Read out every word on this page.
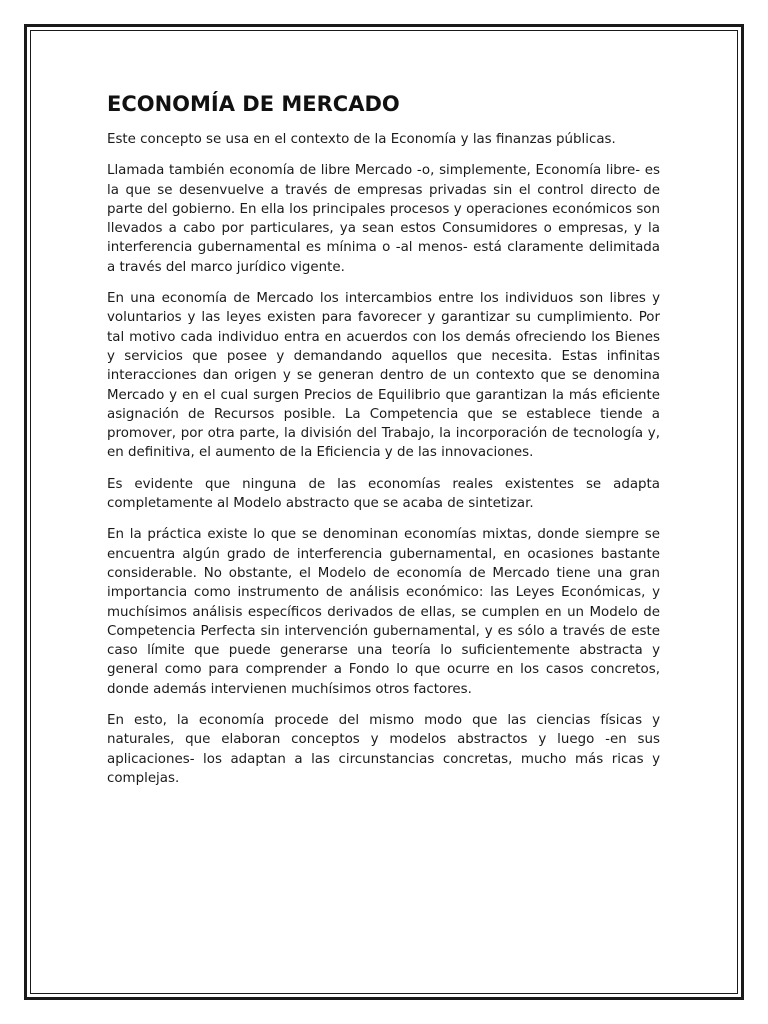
ECONOMÍA DE MERCADO

Este concepto se usa en el contexto de la Economía y las finanzas públicas.

Llamada también economía de libre Mercado -o, simplemente, Economía libre- es la que se desenvuelve a través de empresas privadas sin el control directo de parte del gobierno. En ella los principales procesos y operaciones económicos son llevados a cabo por particulares, ya sean estos Consumidores o empresas, y la interferencia gubernamental es mínima o -al menos- está claramente delimitada a través del marco jurídico vigente.

En una economía de Mercado los intercambios entre los individuos son libres y voluntarios y las leyes existen para favorecer y garantizar su cumplimiento. Por tal motivo cada individuo entra en acuerdos con los demás ofreciendo los Bienes y servicios que posee y demandando aquellos que necesita. Estas infinitas interacciones dan origen y se generan dentro de un contexto que se denomina Mercado y en el cual surgen Precios de Equilibrio que garantizan la más eficiente asignación de Recursos posible. La Competencia que se establece tiende a promover, por otra parte, la división del Trabajo, la incorporación de tecnología y, en definitiva, el aumento de la Eficiencia y de las innovaciones.

Es evidente que ninguna de las economías reales existentes se adapta completamente al Modelo abstracto que se acaba de sintetizar.

En la práctica existe lo que se denominan economías mixtas, donde siempre se encuentra algún grado de interferencia gubernamental, en ocasiones bastante considerable. No obstante, el Modelo de economía de Mercado tiene una gran importancia como instrumento de análisis económico: las Leyes Económicas, y muchísimos análisis específicos derivados de ellas, se cumplen en un Modelo de Competencia Perfecta sin intervención gubernamental, y es sólo a través de este caso límite que puede generarse una teoría lo suficientemente abstracta y general como para comprender a Fondo lo que ocurre en los casos concretos, donde además intervienen muchísimos otros factores.

En esto, la economía procede del mismo modo que las ciencias físicas y naturales, que elaboran conceptos y modelos abstractos y luego -en sus aplicaciones- los adaptan a las circunstancias concretas, mucho más ricas y complejas.
